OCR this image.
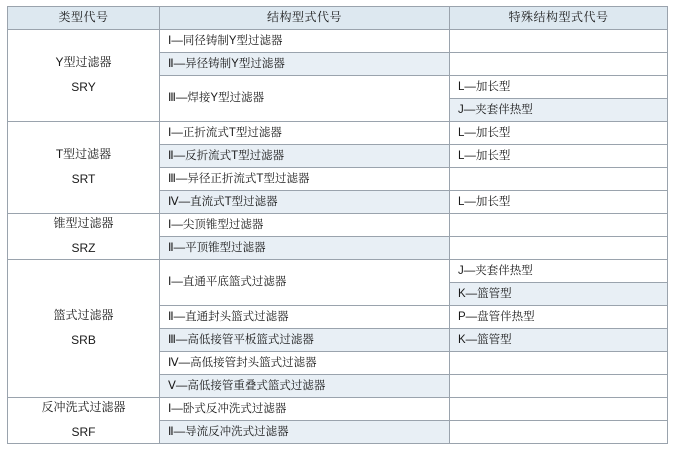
类型代号	结构型式代号	特殊结构型式代号
Y型过滤器
SRY	Ⅰ—同径铸制Y型过滤器	
	Ⅱ—异径铸制Y型过滤器	
	Ⅲ—焊接Y型过滤器	L—加长型
		J—夹套伴热型
T型过滤器
SRT	Ⅰ—正折流式T型过滤器	L—加长型
	Ⅱ—反折流式T型过滤器	L—加长型
	Ⅲ—异径正折流式T型过滤器	
	Ⅳ—直流式T型过滤器	L—加长型
锥型过滤器
SRZ	Ⅰ—尖顶锥型过滤器	
	Ⅱ—平顶锥型过滤器	
篮式过滤器
SRB	Ⅰ—直通平底篮式过滤器	J—夹套伴热型
		K—篮管型
	Ⅱ—直通封头篮式过滤器	P—盘管伴热型
	Ⅲ—高低接管平板篮式过滤器	K—篮管型
	Ⅳ—高低接管封头篮式过滤器	
	Ⅴ—高低接管重叠式篮式过滤器	
反冲洗式过滤器
SRF	Ⅰ—卧式反冲洗式过滤器	
	Ⅱ—导流反冲洗式过滤器	
